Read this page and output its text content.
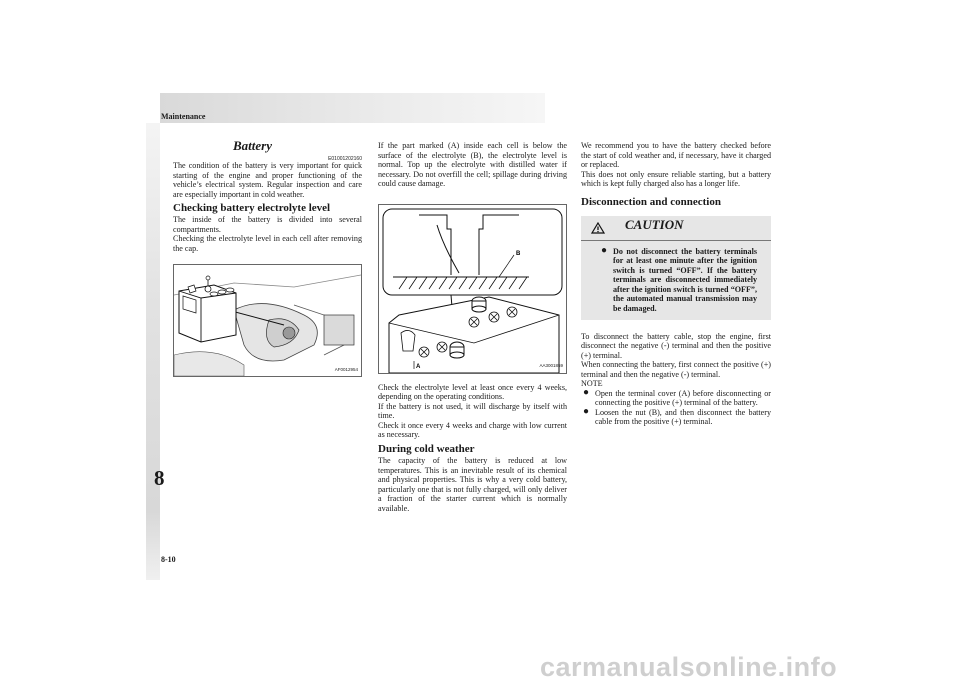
Maintenance
8
8-10
Battery
E01001202160

The condition of the battery is very important for quick starting of the engine and proper functioning of the vehicle’s electrical system. Regular inspection and care are especially important in cold weather.

Checking battery electrolyte level

The inside of the battery is divided into several compartments.

Checking the electrolyte level in each cell after removing the cap.

AF0012954

If the part marked (A) inside each cell is below the surface of the electrolyte (B), the electrolyte level is normal. Top up the electrolyte with distilled water if necessary. Do not overfill the cell; spillage during driving could cause damage.

B
A	AA3001859

Check the electrolyte level at least once every 4 weeks, depending on the operating conditions.

If the battery is not used, it will discharge by itself with time.

Check it once every 4 weeks and charge with low current as necessary.

During cold weather

The capacity of the battery is reduced at low temperatures. This is an inevitable result of its chemical and physical properties. This is why a very cold battery, particularly one that is not fully charged, will only deliver a fraction of the starter current which is normally available.

We recommend you to have the battery checked before the start of cold weather and, if necessary, have it charged or replaced.

This does not only ensure reliable starting, but a battery which is kept fully charged also has a longer life.

Disconnection and connection
CAUTION
● Do not disconnect the battery terminals for at least one minute after the ignition switch is turned “OFF”. If the battery terminals are disconnected immediately after the ignition switch is turned “OFF”, the automated manual transmission may be damaged.

To disconnect the battery cable, stop the engine, first disconnect the negative (-) terminal and then the positive (+) terminal.

When connecting the battery, first connect the positive (+) terminal and then the negative (-) terminal.

NOTE

● Open the terminal cover (A) before disconnecting or connecting the positive (+) terminal of the battery.
● Loosen the nut (B), and then disconnect the battery cable from the positive (+) terminal.
carmanualsonline.info
